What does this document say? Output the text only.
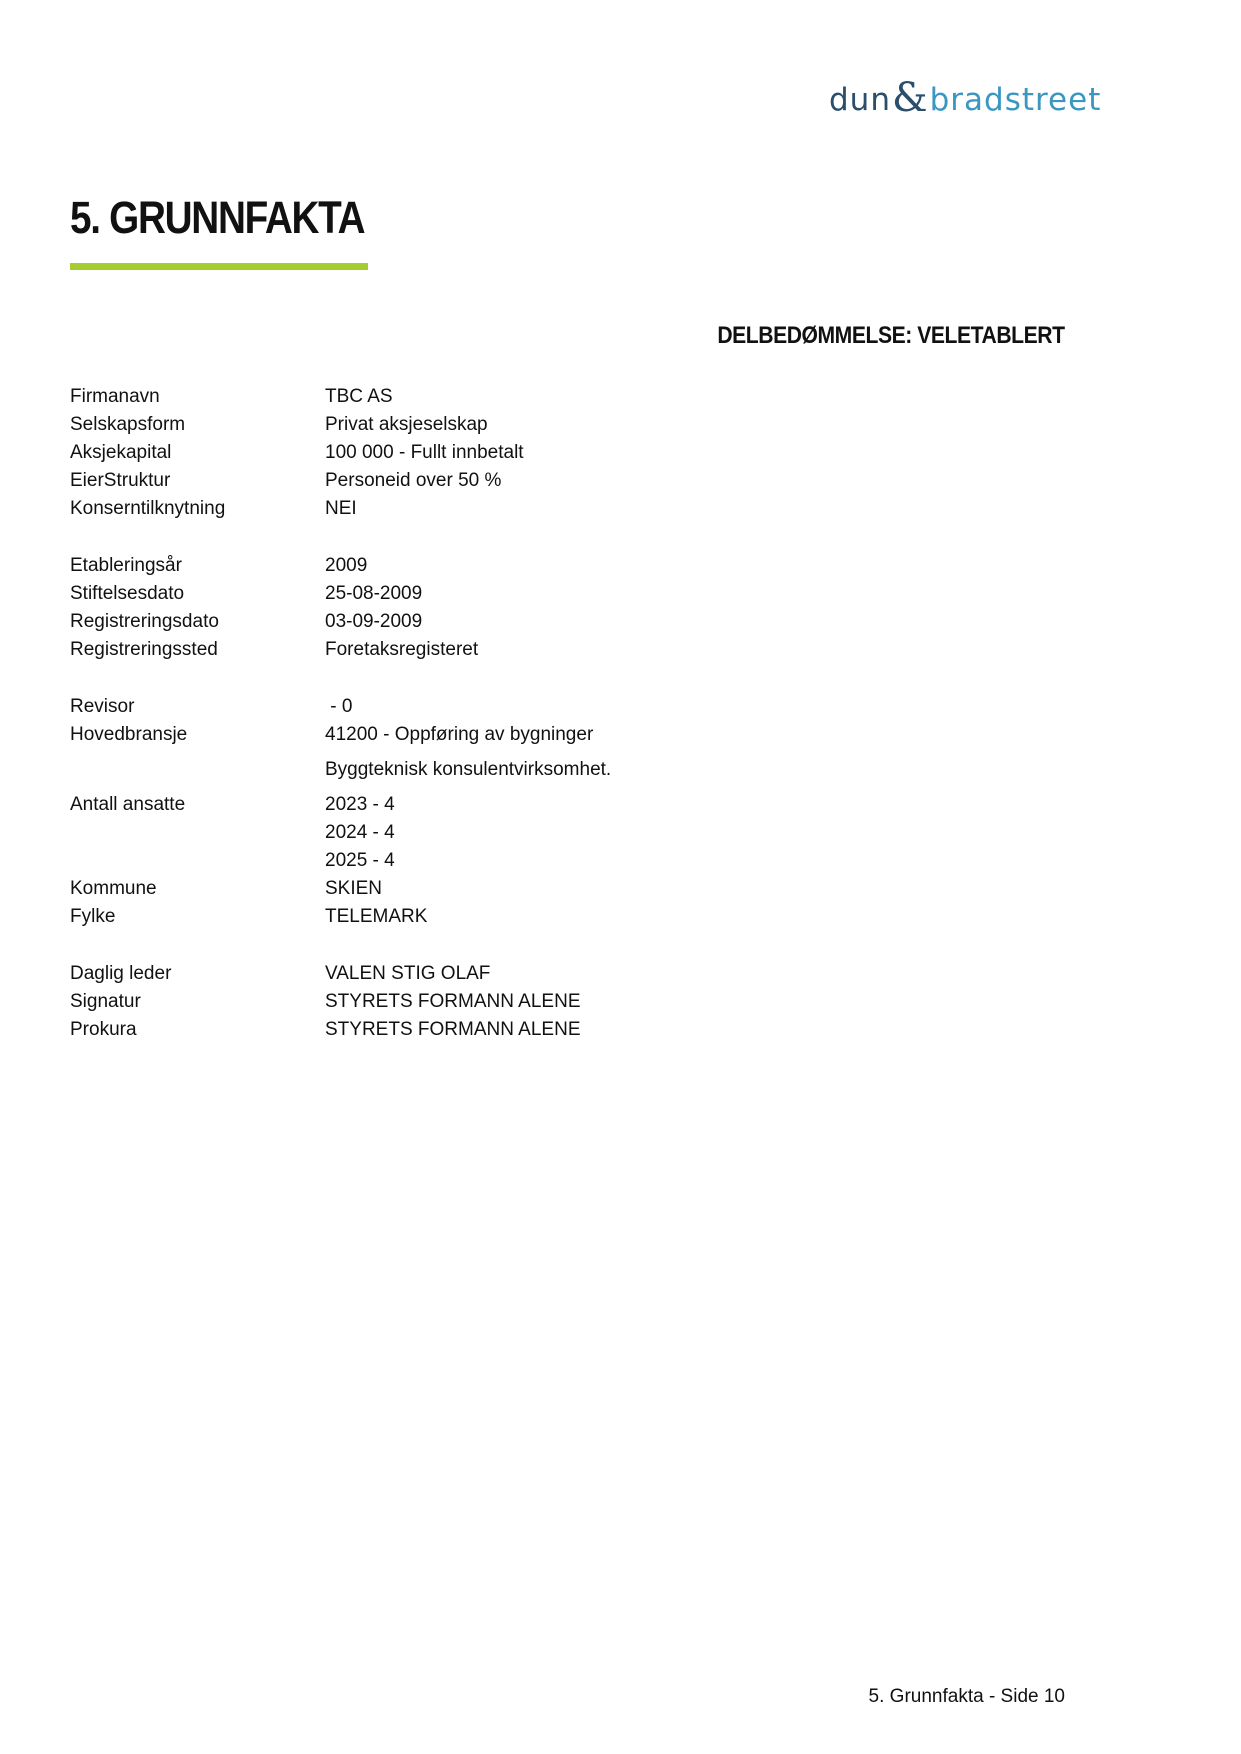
dun & bradstreet
5. GRUNNFAKTA
DELBEDØMMELSE: VELETABLERT
Firmanavn	TBC AS
Selskapsform	Privat aksjeselskap
Aksjekapital	100 000 - Fullt innbetalt
EierStruktur	Personeid over 50 %
Konserntilknytning	NEI
Etableringsår	2009
Stiftelsesdato	25-08-2009
Registreringsdato	03-09-2009
Registreringssted	Foretaksregisteret
Revisor	- 0
Hovedbransje	41200 - Oppføring av bygninger
Byggteknisk konsulentvirksomhet.
Antall ansatte	2023 - 4
2024 - 4
2025 - 4
Kommune	SKIEN
Fylke	TELEMARK
Daglig leder	VALEN STIG OLAF
Signatur	STYRETS FORMANN ALENE
Prokura	STYRETS FORMANN ALENE
5. Grunnfakta - Side 10
